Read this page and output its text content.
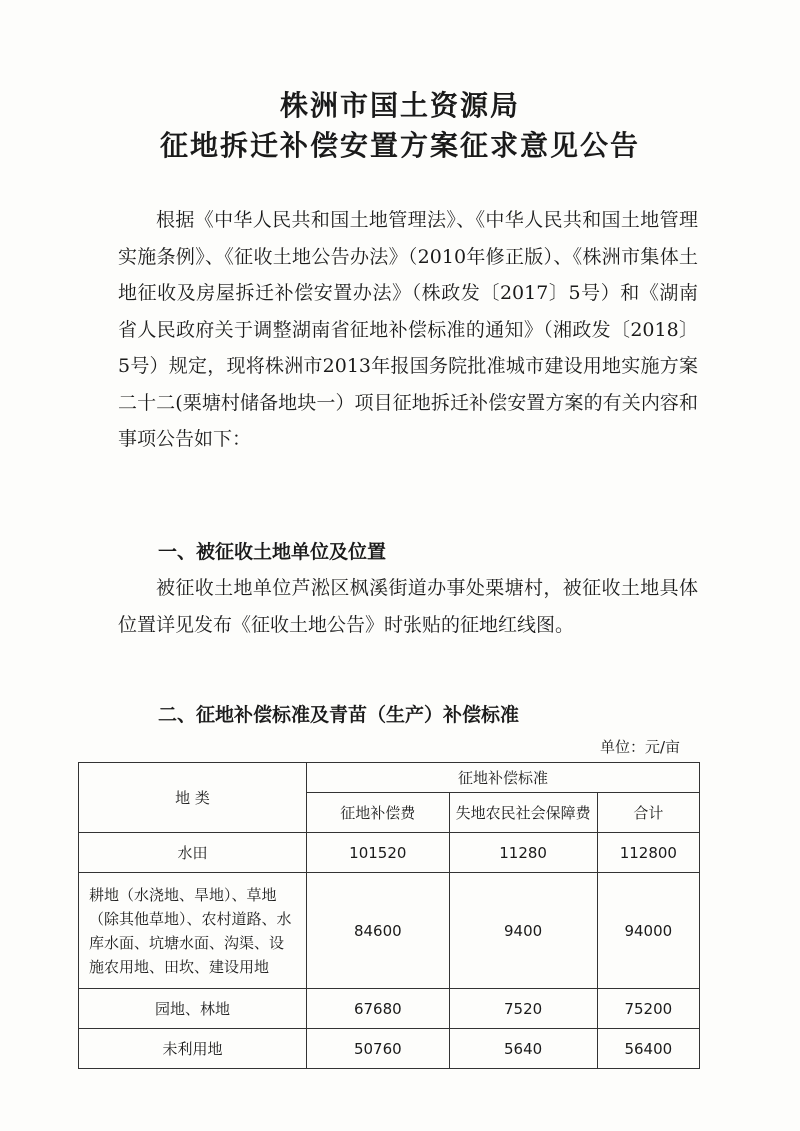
株洲市国土资源局
征地拆迁补偿安置方案征求意见公告

根据《中华人民共和国土地管理法》、《中华人民共和国土地管理实施条例》、《征收土地公告办法》（2010年修正版）、《株洲市集体土地征收及房屋拆迁补偿安置办法》（株政发〔2017〕5号）和《湖南省人民政府关于调整湖南省征地补偿标准的通知》（湘政发〔2018〕5号）规定，现将株洲市2013年报国务院批准城市建设用地实施方案二十二(栗塘村储备地块一）项目征地拆迁补偿安置方案的有关内容和事项公告如下：

一、被征收土地单位及位置

被征收土地单位芦淞区枫溪街道办事处栗塘村，被征收土地具体位置详见发布《征收土地公告》时张贴的征地红线图。

二、征地补偿标准及青苗（生产）补偿标准

单位：元/亩
地 类	征地补偿标准		
	征地补偿费	失地农民社会保障费	合计
水田	101520	11280	112800
耕地（水浇地、旱地）、草地（除其他草地）、农村道路、水库水面、坑塘水面、沟渠、设施农用地、田坎、建设用地	84600	9400	94000
园地、林地	67680	7520	75200
未利用地	50760	5640	56400
